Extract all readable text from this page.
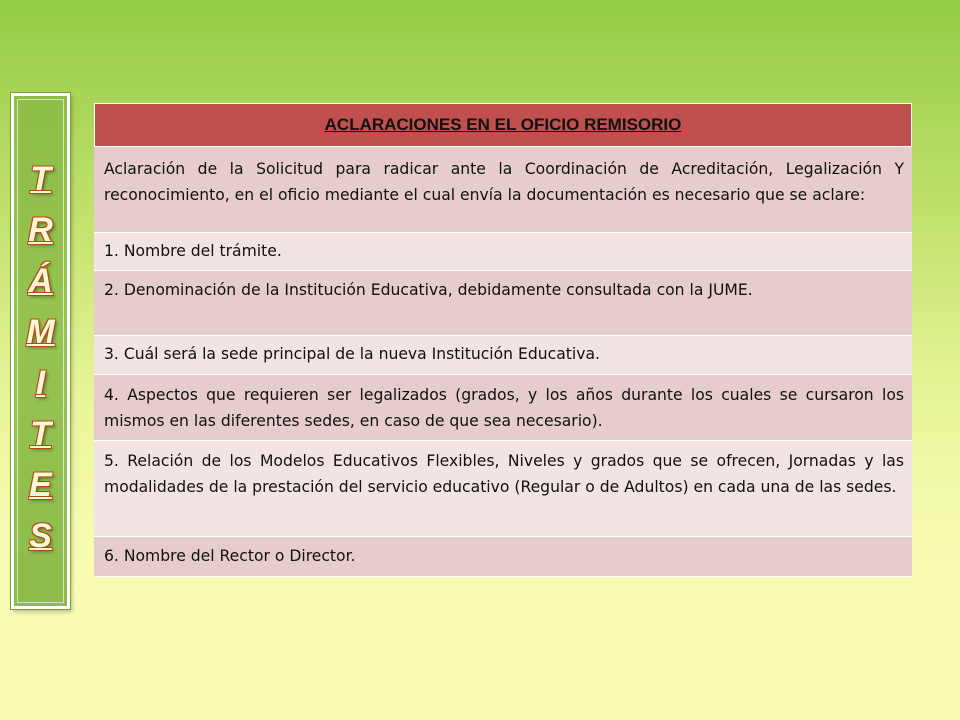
T
R
Á
M
I
T
E
S
ACLARACIONES EN EL OFICIO REMISORIO
Aclaración de la Solicitud para radicar ante la Coordinación de Acreditación, Legalización Y reconocimiento, en el oficio mediante el cual envía la documentación es necesario que se aclare:
1. Nombre del trámite.
2. Denominación de la Institución Educativa, debidamente consultada con la JUME.
3. Cuál será la sede principal de la nueva Institución Educativa.
4. Aspectos que requieren ser legalizados (grados, y los años durante los cuales se cursaron los mismos en las diferentes sedes, en caso de que sea necesario).
5. Relación de los Modelos Educativos Flexibles, Niveles y grados que se ofrecen, Jornadas y las modalidades de la prestación del servicio educativo (Regular o de Adultos) en cada una de las sedes.
6. Nombre del Rector o Director.
